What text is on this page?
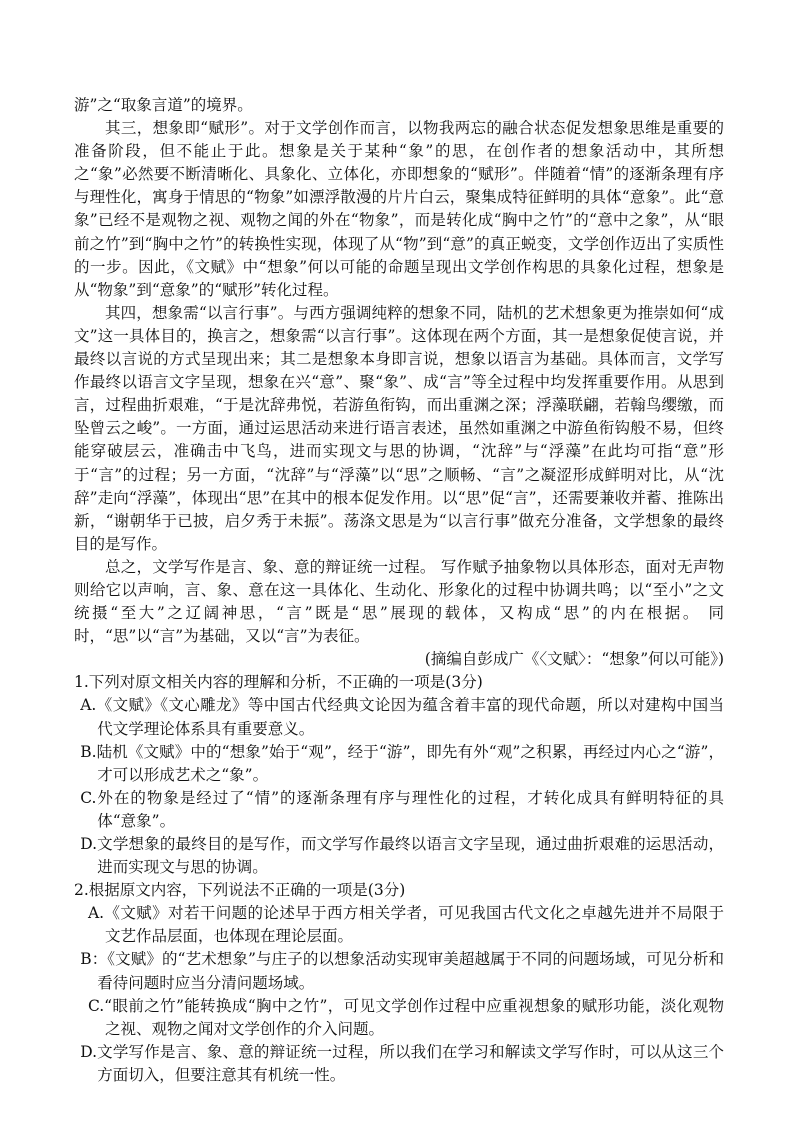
游”之“取象言道”的境界。

其三，想象即“赋形”。对于文学创作而言，以物我两忘的融合状态促发想象思维是重要的准备阶段，但不能止于此。想象是关于某种“象”的思，在创作者的想象活动中，其所想之“象”必然要不断清晰化、具象化、立体化，亦即想象的“赋形”。伴随着“情”的逐渐条理有序与理性化，寓身于情思的“物象”如漂浮散漫的片片白云，聚集成特征鲜明的具体“意象”。此“意象”已经不是观物之视、观物之闻的外在“物象”，而是转化成“胸中之竹”的“意中之象”，从“眼前之竹”到“胸中之竹”的转换性实现，体现了从“物”到“意”的真正蜕变，文学创作迈出了实质性的一步。因此，《文赋》中“想象”何以可能的命题呈现出文学创作构思的具象化过程，想象是从“物象”到“意象”的“赋形”转化过程。

其四，想象需“以言行事”。与西方强调纯粹的想象不同，陆机的艺术想象更为推崇如何“成文”这一具体目的，换言之，想象需“以言行事”。这体现在两个方面，其一是想象促使言说，并最终以言说的方式呈现出来；其二是想象本身即言说，想象以语言为基础。具体而言，文学写作最终以语言文字呈现，想象在兴“意”、聚“象”、成“言”等全过程中均发挥重要作用。从思到言，过程曲折艰难，“于是沈辞弗悦，若游鱼衔钩，而出重渊之深；浮藻联翩，若翰鸟缨缴，而坠曾云之峻”。一方面，通过运思活动来进行语言表述，虽然如重渊之中游鱼衔钩般不易，但终能穿破层云，准确击中飞鸟，进而实现文与思的协调，“沈辞”与“浮藻”在此均可指“意”形于“言”的过程；另一方面，“沈辞”与“浮藻”以“思”之顺畅、“言”之凝涩形成鲜明对比，从“沈辞”走向“浮藻”，体现出“思”在其中的根本促发作用。以“思”促“言”，还需要兼收并蓄、推陈出新，“谢朝华于已披，启夕秀于未振”。荡涤文思是为“以言行事”做充分准备，文学想象的最终目的是写作。

总之，文学写作是言、象、意的辩证统一过程。 写作赋予抽象物以具体形态，面对无声物则给它以声响，言、象、意在这一具体化、生动化、形象化的过程中协调共鸣；以“至小”之文统摄“至大”之辽阔神思，“言”既是“思”展现的载体，又构成“思”的内在根据。 同时，“思”以“言”为基础，又以“言”为表征。

(摘编自彭成广《〈文赋〉：“想象”何以可能》)

1.下列对原文相关内容的理解和分析，不正确的一项是(3分)

A.《文赋》《文心雕龙》等中国古代经典文论因为蕴含着丰富的现代命题，所以对建构中国当代文学理论体系具有重要意义。

B.陆机《文赋》中的“想象”始于“观”，经于“游”，即先有外“观”之积累，再经过内心之“游”，才可以形成艺术之“象”。

C.外在的物象是经过了“情”的逐渐条理有序与理性化的过程，才转化成具有鲜明特征的具体“意象”。

D.文学想象的最终目的是写作，而文学写作最终以语言文字呈现，通过曲折艰难的运思活动，进而实现文与思的协调。

2.根据原文内容，下列说法不正确的一项是(3分)

A.《文赋》对若干问题的论述早于西方相关学者，可见我国古代文化之卓越先进并不局限于文艺作品层面，也体现在理论层面。

B：《文赋》的“艺术想象”与庄子的以想象活动实现审美超越属于不同的问题场域，可见分析和看待问题时应当分清问题场域。

C.“眼前之竹”能转换成“胸中之竹”，可见文学创作过程中应重视想象的赋形功能，淡化观物之视、观物之闻对文学创作的介入问题。

D.文学写作是言、象、意的辩证统一过程，所以我们在学习和解读文学写作时，可以从这三个方面切入，但要注意其有机统一性。
